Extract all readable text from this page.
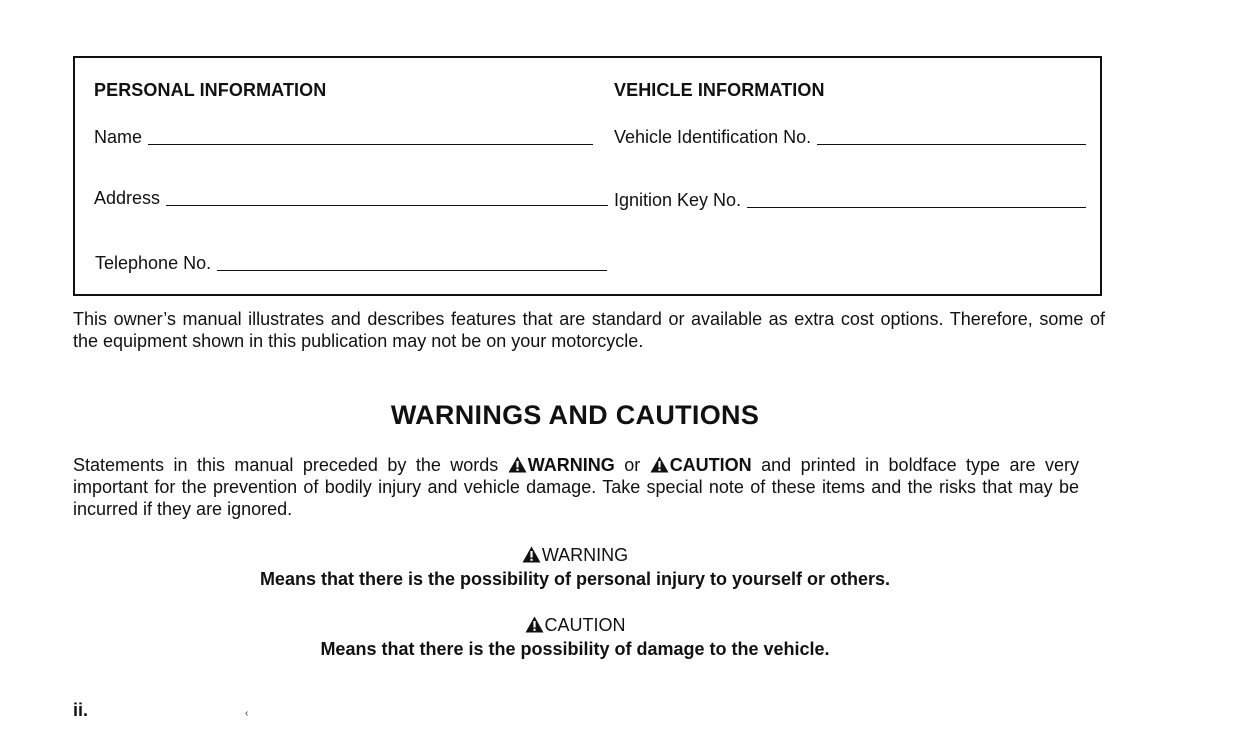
PERSONAL INFORMATION	VEHICLE INFORMATION
Name	Vehicle Identification No.
Address	Ignition Key No.
Telephone No.

This owner’s manual illustrates and describes features that are standard or available as extra cost options. Therefore, some of the equipment shown in this publication may not be on your motorcycle.

WARNINGS AND CAUTIONS

Statements in this manual preceded by the words WARNING or CAUTION and printed in boldface type are very important for the prevention of bodily injury and vehicle damage. Take special note of these items and the risks that may be incurred if they are ignored.

WARNING
Means that there is the possibility of personal injury to yourself or others.
CAUTION
Means that there is the possibility of damage to the vehicle.
ii.	‹
